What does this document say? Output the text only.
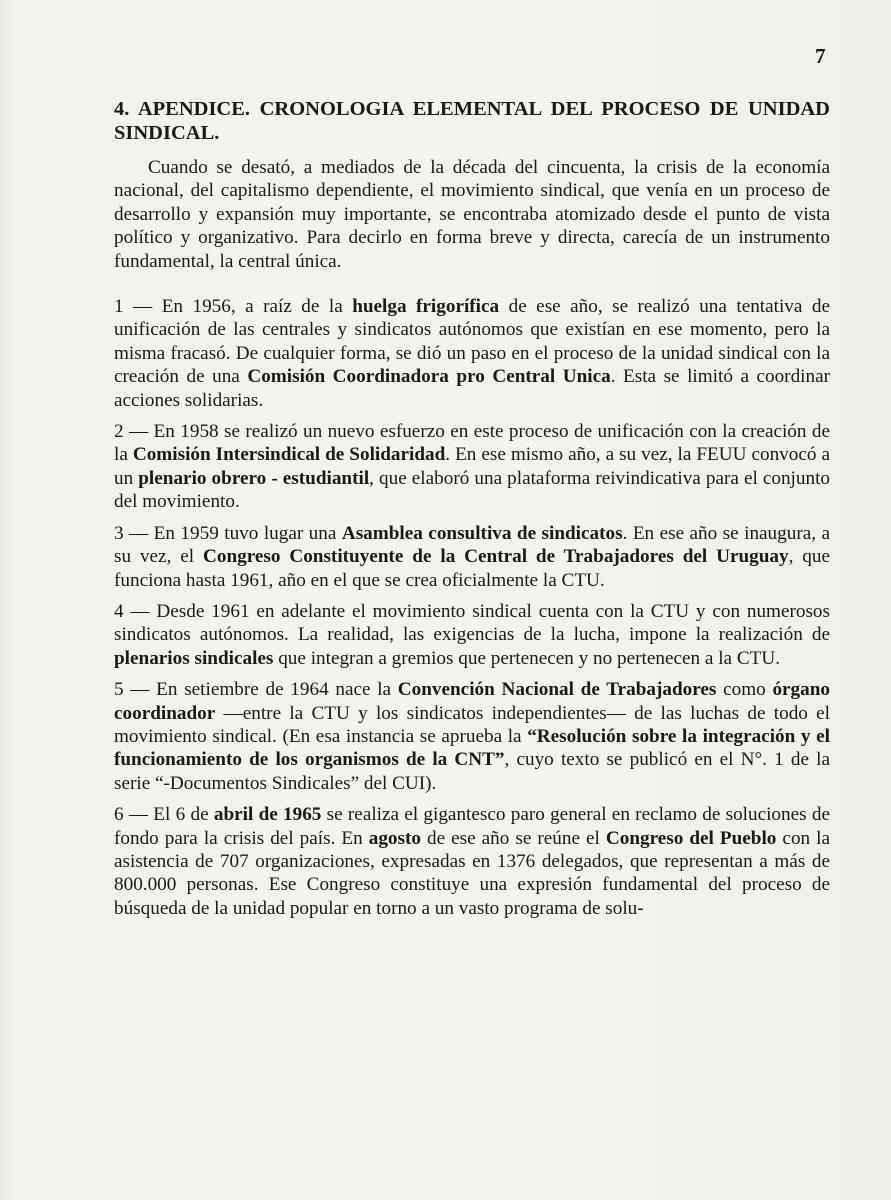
7
4. APENDICE. CRONOLOGIA ELEMENTAL DEL PROCESO DE UNIDAD SINDICAL.

Cuando se desató, a mediados de la década del cincuenta, la crisis de la economía nacional, del capitalismo dependiente, el movimiento sindical, que venía en un proceso de desarrollo y expansión muy importante, se encontraba atomizado desde el punto de vista político y organizativo. Para decirlo en forma breve y directa, carecía de un instrumento fundamental, la central única.

1 — En 1956, a raíz de la huelga frigorífica de ese año, se realizó una tentativa de unificación de las centrales y sindicatos autónomos que existían en ese momento, pero la misma fracasó. De cualquier forma, se dió un paso en el proceso de la unidad sindical con la creación de una Comisión Coordinadora pro Central Unica. Esta se limitó a coordinar acciones solidarias.

2 — En 1958 se realizó un nuevo esfuerzo en este proceso de unificación con la creación de la Comisión Intersindical de Solidaridad. En ese mismo año, a su vez, la FEUU convocó a un plenario obrero - estudiantil, que elaboró una plataforma reivindicativa para el conjunto del movimiento.

3 — En 1959 tuvo lugar una Asamblea consultiva de sindicatos. En ese año se inaugura, a su vez, el Congreso Constituyente de la Central de Trabajadores del Uruguay, que funciona hasta 1961, año en el que se crea oficialmente la CTU.

4 — Desde 1961 en adelante el movimiento sindical cuenta con la CTU y con numerosos sindicatos autónomos. La realidad, las exigencias de la lucha, impone la realización de plenarios sindicales que integran a gremios que pertenecen y no pertenecen a la CTU.

5 — En setiembre de 1964 nace la Convención Nacional de Trabajadores como órgano coordinador —entre la CTU y los sindicatos independientes— de las luchas de todo el movimiento sindical. (En esa instancia se aprueba la “Resolución sobre la integración y el funcionamiento de los organismos de la CNT”, cuyo texto se publicó en el N°. 1 de la serie “-Documentos Sindicales” del CUI).

6 — El 6 de abril de 1965 se realiza el gigantesco paro general en reclamo de soluciones de fondo para la crisis del país. En agosto de ese año se reúne el Congreso del Pueblo con la asistencia de 707 organizaciones, expresadas en 1376 delegados, que representan a más de 800.000 personas. Ese Congreso constituye una expresión fundamental del proceso de búsqueda de la unidad popular en torno a un vasto programa de solu-
